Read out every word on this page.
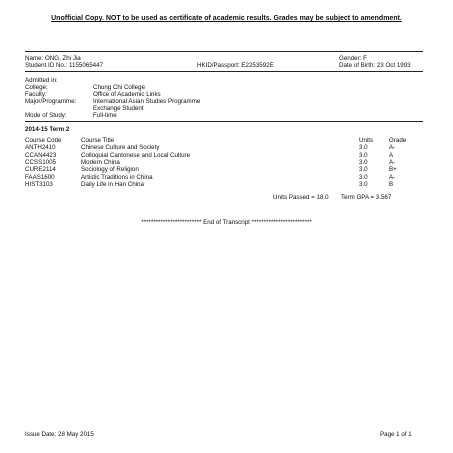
Unofficial Copy. NOT to be used as certificate of academic results. Grades may be subject to amendment.
Name: ONG, Zhi Jia	Gender: F
Student ID No.: 1155065447	HKID/Passport: E2253592E	Date of Birth: 23 Oct 1993
Admitted in:
College:	Chung Chi College
Faculty:	Office of Academic Links
Major/Programme:	International Asian Studies Programme
Exchange Student
Mode of Study:	Full-time
2014-15 Term 2
Course Code	Course Title	Units	Grade
ANTH2410	Chinese Culture and Society	3.0	A-
CCAN4423	Colloquial Cantonese and Local Culture	3.0	A
CCSS1005	Modern China	3.0	A-
CURE2114	Sociology of Religion	3.0	B+
FAAS1600	Artistic Traditions in China	3.0	A-
HIST3103	Daily Life in Han China	3.0	B
Units Passed = 18.0 Term GPA = 3.567
************************* End of Transcript *************************
Issue Date: 28 May 2015	Page 1 of 1
